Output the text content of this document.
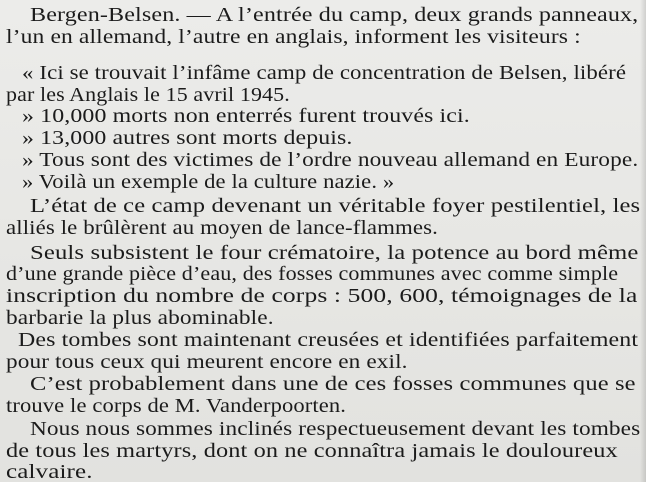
Bergen-Belsen. — A l’entrée du camp, deux grands panneaux,
l’un en allemand, l’autre en anglais, informent les visiteurs :
« Ici se trouvait l’infâme camp de concentration de Belsen, libéré
par les Anglais le 15 avril 1945.
» 10,000 morts non enterrés furent trouvés ici.
» 13,000 autres sont morts depuis.
» Tous sont des victimes de l’ordre nouveau allemand en Europe.
» Voilà un exemple de la culture nazie. »
L’état de ce camp devenant un véritable foyer pestilentiel, les
alliés le brûlèrent au moyen de lance-flammes.
Seuls subsistent le four crématoire, la potence au bord même
d’une grande pièce d’eau, des fosses communes avec comme simple
inscription du nombre de corps : 500, 600, témoignages de la
barbarie la plus abominable.
Des tombes sont maintenant creusées et identifiées parfaitement
pour tous ceux qui meurent encore en exil.
C’est probablement dans une de ces fosses communes que se
trouve le corps de M. Vanderpoorten.
Nous nous sommes inclinés respectueusement devant les tombes
de tous les martyrs, dont on ne connaîtra jamais le douloureux
calvaire.
